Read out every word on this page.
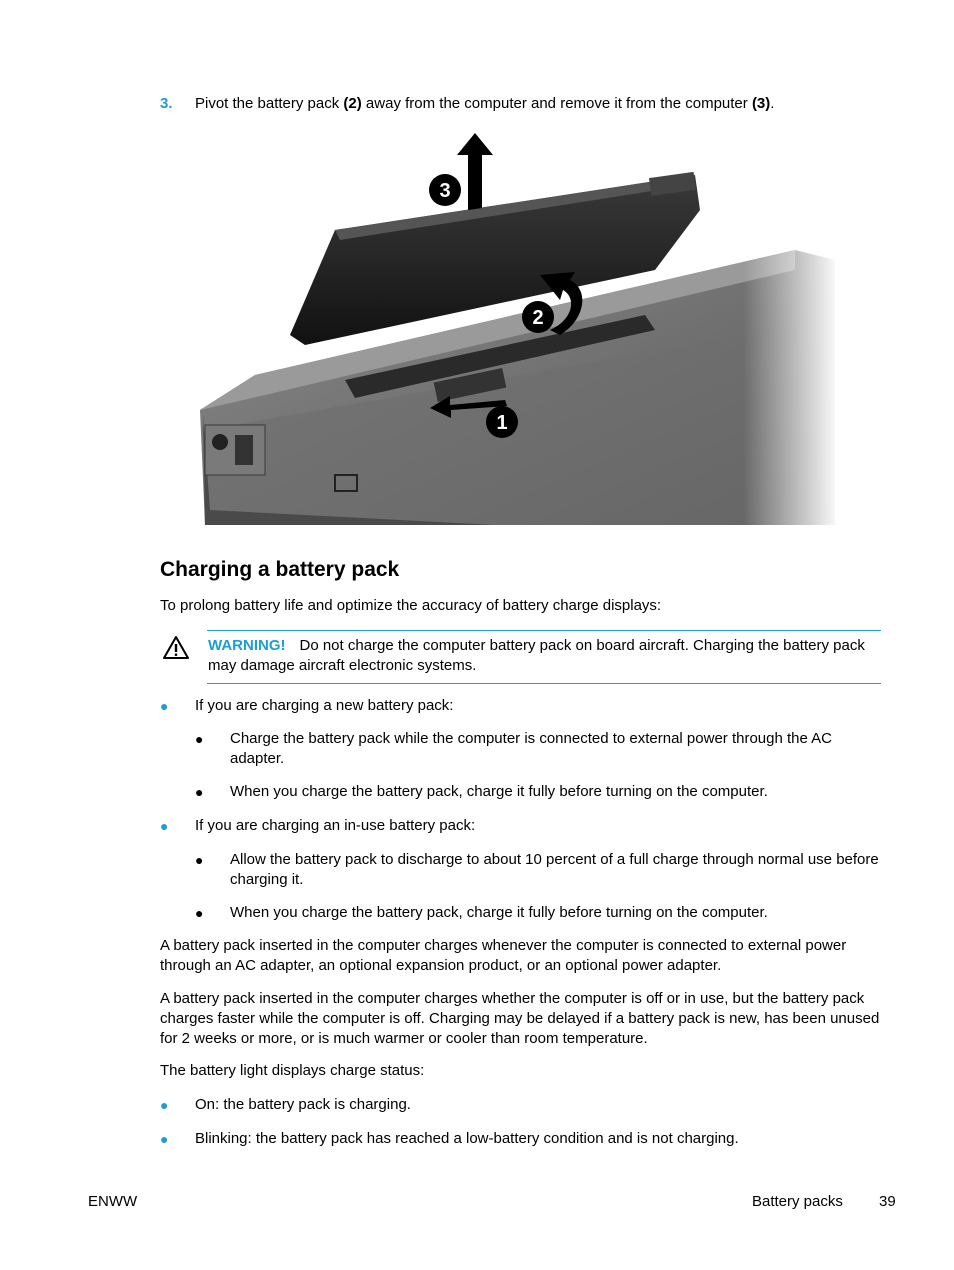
3. Pivot the battery pack (2) away from the computer and remove it from the computer (3).
3
2
1
Charging a battery pack
To prolong battery life and optimize the accuracy of battery charge displays:
WARNING! Do not charge the computer battery pack on board aircraft. Charging the battery pack may damage aircraft electronic systems.
● If you are charging a new battery pack:
● Charge the battery pack while the computer is connected to external power through the AC adapter.
● When you charge the battery pack, charge it fully before turning on the computer.
● If you are charging an in-use battery pack:
● Allow the battery pack to discharge to about 10 percent of a full charge through normal use before charging it.
● When you charge the battery pack, charge it fully before turning on the computer.
A battery pack inserted in the computer charges whenever the computer is connected to external power through an AC adapter, an optional expansion product, or an optional power adapter.
A battery pack inserted in the computer charges whether the computer is off or in use, but the battery pack charges faster while the computer is off. Charging may be delayed if a battery pack is new, has been unused for 2 weeks or more, or is much warmer or cooler than room temperature.
The battery light displays charge status:
● On: the battery pack is charging.
● Blinking: the battery pack has reached a low-battery condition and is not charging.
ENWW	Battery packs 39
